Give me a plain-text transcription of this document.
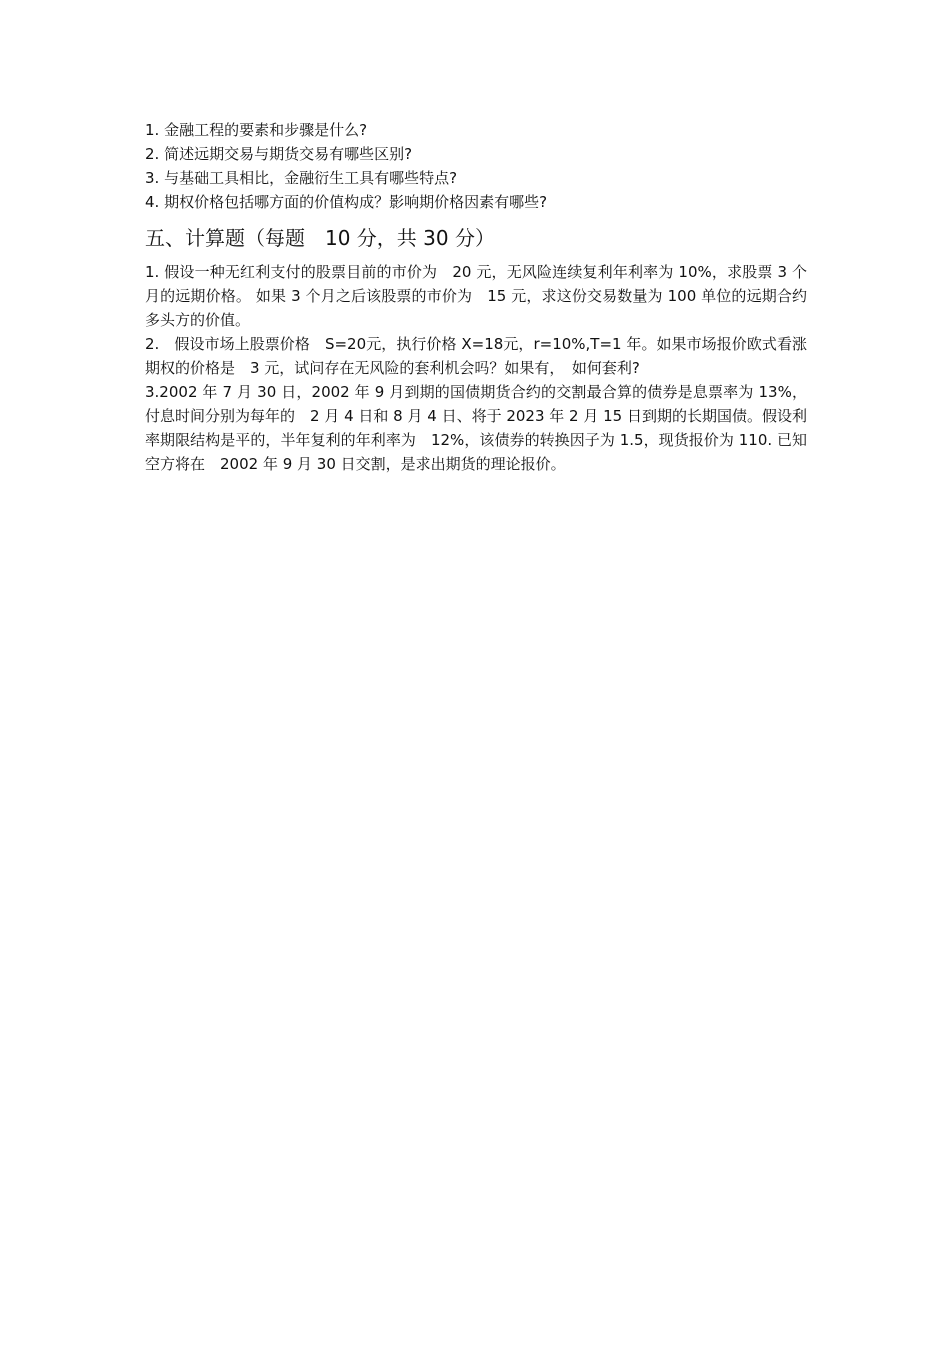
1. 金融工程的要素和步骤是什么?
2. 简述远期交易与期货交易有哪些区别?
3. 与基础工具相比，金融衍生工具有哪些特点?
4. 期权价格包括哪方面的价值构成？影响期价格因素有哪些?
五、计算题（每题　10 分，共 30 分）

1. 假设一种无红利支付的股票目前的市价为　20 元，无风险连续复利年利率为 10%，求股票 3 个月的远期价格。 如果 3 个月之后该股票的市价为　15 元，求这份交易数量为 100 单位的远期合约多头方的价值。

2.　假设市场上股票价格　S=20元，执行价格 X=18元，r=10%,T=1 年。如果市场报价欧式看涨期权的价格是　3 元，试问存在无风险的套利机会吗？如果有，　如何套利?

3.2002 年 7 月 30 日，2002 年 9 月到期的国债期货合约的交割最合算的债券是息票率为 13%，付息时间分别为每年的　2 月 4 日和 8 月 4 日、将于 2023 年 2 月 15 日到期的长期国债。假设利率期限结构是平的，半年复利的年利率为　12%，该债券的转换因子为 1.5，现货报价为 110. 已知空方将在　2002 年 9 月 30 日交割，是求出期货的理论报价。
